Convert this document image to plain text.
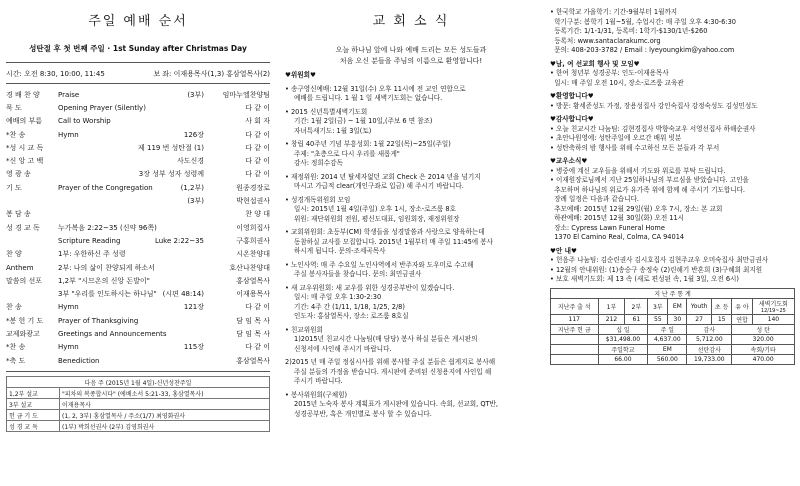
주일 예배 순서
성탄절 후 첫 번째 주일 · 1st Sunday after Christmas Day
시간: 오전 8:30, 10:00, 11:45	보 좌: 이재용목사(1,3) 홍삼열목사(2)
경 배 찬 양	Praise	(3부)	임마누엘찬양팀
묵 도	Opening Prayer (Silently)	다 같 이
예배의 부름	Call to Worship	사 회 자
*찬 송	Hymn	126장	다 같 이
*성 시 교 독	제 119 번 성탄절 (1)	다 같 이
*신 앙 고 백	사도신경	다 같 이
영 광 송	3장 성부 성자 성령께	다 같 이
기 도	Prayer of the Congregation	(1,2부)	원종경장로
(3부)	박현섭권사
봉 담 송	찬 양 대
성 경 교 독	누가복음 2:22~35 (신약 96쪽)	이영희집사
Scripture Reading	Luke 2:22~35	구홍희권사
찬 양	1부: 우한하신 주 성령	시온찬양대
Anthem	2부: 나의 삶이 찬양되게 하소서	호산나찬양대
말씀의 선포	1,2부 "시므온의 신앙 돈발이"	홍삼열목사
3부 "우리를 인도하시는 하나님" (시편 48:14)	이재용목사
찬 송	Hymn	121장	다 같 이
*봉 헌 기 도	Prayer of Thanksgiving	담 임 목 사
교제와광고	Greetings and Announcements	담 임 목 사
*찬 송	Hymn	115장	다 같 이
*축 도	Benediction	홍삼열목사
다음 주 (2015년 1월 4일)-신년성찬주일	
1,2부 설교	"피차의 복종합시다" (에베소서 5:21-33, 홍삼열목사)
3부 설교	이재용목사
헌 금 기 도	(1, 2, 3부) 홍삼열목사 / 주소(1/7) 최영화권사
성 경 교 독	(1부) 박희선권사 (2부) 김영희권사
교 회 소 식
오늘 하나님 앞에 나와 예배 드리는 모든 성도들과
처음 오신 분들을 주님의 이름으로 환영합니다!
♥위원회♥
• 송구영신예배: 12월 31일(수) 오후 11시에 전 교인 연합으로
예배를 드립니다. 1 월 1 일 새벽기도회는 없습니다.
• 2015 신년특별새벽기도회
기간: 1월 2일(금) ~ 1월 10일,(주보 6 면 참조)
자녀특새기도: 1월 3일(토)
• 창립 40주년 기념 부흥성회: 1월 22일(목)~25일(주일)
주제: "초층으로 다시 우리를 새롭게"
강사: 정희수감독
• 재정위원: 2014 년 탈세자없던 교회 Check 은 2014 년을 넘기지
마시고 가급적 clear(개인구좌로 입금) 해 주시기 바랍니다.
• 성경개독위원회 모임
일시: 2015년 1월 4일(주일) 오후 1시, 장소-로즈룸 8호
위원: 재단위원회 전원, 평신도대표, 임원회장, 재정위원장
• 교회위원회: 초등부(CM) 학생들을 성경말씀과 사랑으로 양육하는데
동참하실 교사를 모집합니다. 2015년 1월부터 매 주일 11:45에 봉사
하시게 됩니다. 문의-조세곡목사
• 노인사역: 매 주 수요일 노인사역에서 반주자와 도우미로 수고해
주실 봉사자들을 찾습니다. 문의: 최민금권사
• 새 교우위원회: 새 교우를 위한 성경공부반이 있겠습니다.
일시: 매 주일 오후 1:30-2:30
기간: 4주 간 (1/11, 1/18, 1/25, 2/8)
인도자: 홍삼열목사, 장소: 로즈룸 8호실
• 친교위원회
1)2015년 친교시간 나눔팀(매 담당) 봉사 하실 분들은 게시판의
신청서에 사인해 주시기 바랍니다.
2)2015 년 매 주일 정심시사를 위해 봉사할 주실 분들은 쉽게지로 봉사해
주실 분들의 가정을 받습니다. 게시판에 준비된 신청용지에 사인입 해
주시기 바랍니다.
• 봉사위원회(구체힘)
2015년 노숙자 봉사 계획표가 게시판에 있습니다. 속회, 선교회, QT반,
성경공부반, 혹은 개인별로 봉사 할 수 있습니다.
• 한국학교 가을학기: 기간-9월부터 1월까지
학기구분: 봄학기 1월~5월, 수업시간: 매 주일 오후 4:30-6:30
등록기간: 1/1-1/31, 등록비: 1학기-$130/1년-$260
등록처: www.santaclarakumc.org
문의: 408-203-3782 / Email : lyeyoungkim@yahoo.com
♥남, 여 선교회 행사 및 모임♥
• 한여 청년부 성경공부: 인도-이재용목사
일시: 매 주일 오전 10시, 장소-로즈룸 교육관
♥환영합니다♥
• 방문: 황세준성도 가정, 장용성집사 강인숙집사 강정숙성도 김성민성도
♥감사합니다♥
• 오늘 친교시간 나눔팀: 김현경집사 박향숙교우 서영선집사 하해순권사
• 초안나원영에: 성탄주일에 오르간 배워 빗분
• 성탄축하의 밤 행사를 위해 수고하신 모든 분들과 각 부서
♥교우소식♥
• 병중에 계신 교우들을 위해서 기도와 위로를 부탁 드립니다.
• 이재원장로님께서 지난 25일하나님의 부르심을 받았습니다. 고인을
추모하며 하나님의 위로가 유가족 위에 함께 해 주시기 기도합니다.
장례 일정은 다음과 같습니다.
추모예배: 2015년 12월 29일(월) 오후 7시, 장소: 본 교회
하관예배: 2015년 12월 30일(화) 오전 11시
장소: Cypress Lawn Funeral Home
1370 El Camino Real, Colma, CA 94014
♥안 내♥
• 헌음주 나눔팀: 김순린권사 김시호집사 김현주교우 오미숙집사 최만금권사
• 12월의 안내위원: (1)송승구 송정숙 (2)린해기 반혼희 (3)구혜회 최지원
• 보호 새벽기도회: 제 13 속 (새로 편성된 속, 1월 3일, 오전 6시)
지 난 주 통 계								
지난주 출 석	1부	2부	3부	EM	Youth	초 등	유 아	새벽기도회
12/19~25

117	212	61	55	30	27	15	연합	140
지난주 헌 금	십 일		주 일		감사		성 탄	
	$31,498.00		4,637.00		5,712.00		320.00	
	주일학교		EM		선탄감사		속회/기타	
	66.00		560.00		19,733.00		470.00	
